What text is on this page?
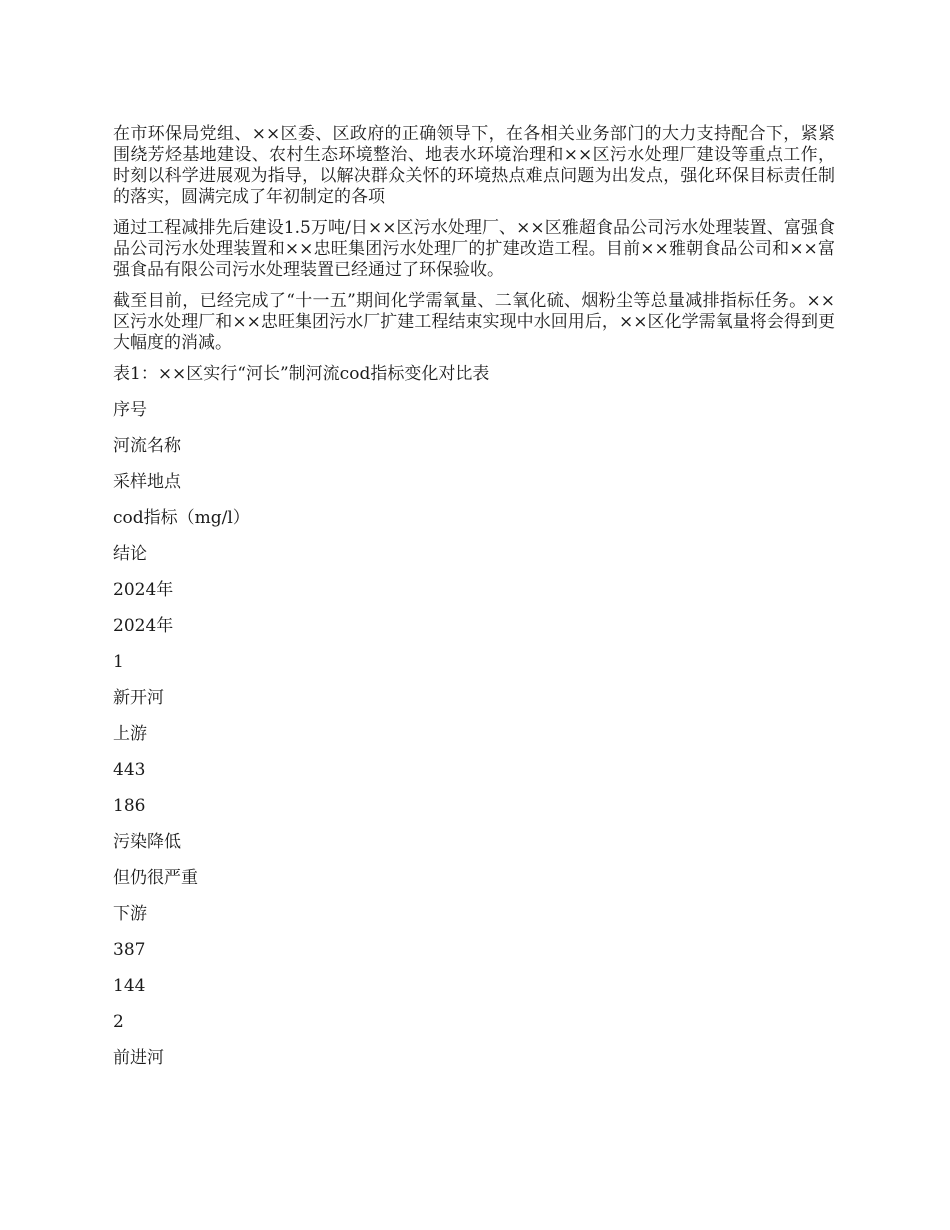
在市环保局党组、××区委、区政府的正确领导下，在各相关业务部门的大力支持配合下，紧紧围绕芳烃基地建设、农村生态环境整治、地表水环境治理和××区污水处理厂建设等重点工作，时刻以科学进展观为指导，以解决群众关怀的环境热点难点问题为出发点，强化环保目标责任制的落实，圆满完成了年初制定的各项

通过工程减排先后建设1.5万吨/日××区污水处理厂、××区雅超食品公司污水处理装置、富强食品公司污水处理装置和××忠旺集团污水处理厂的扩建改造工程。目前××雅朝食品公司和××富强食品有限公司污水处理装置已经通过了环保验收。

截至目前，已经完成了“十一五”期间化学需氧量、二氧化硫、烟粉尘等总量减排指标任务。××区污水处理厂和××忠旺集团污水厂扩建工程结束实现中水回用后，××区化学需氧量将会得到更大幅度的消减。

表1：××区实行“河长”制河流cod指标变化对比表
序号
河流名称
采样地点
cod指标（mg/l）
结论
2024年
2024年
1
新开河
上游
443
186
污染降低
但仍很严重
下游
387
144
2
前进河
